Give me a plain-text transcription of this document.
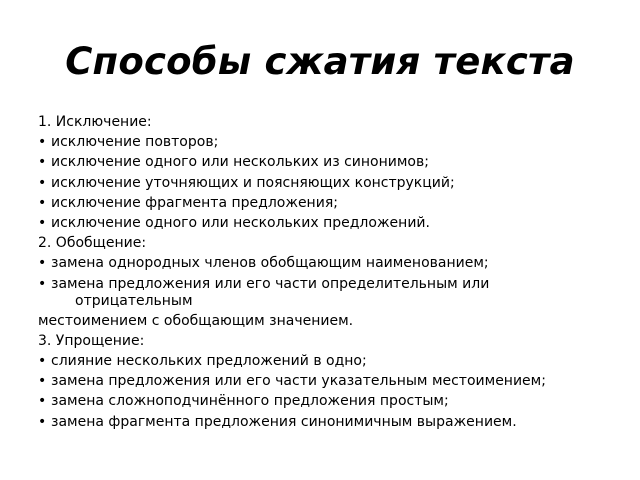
Способы сжатия текста
1. Исключение:
• исключение повторов;
• исключение одного или нескольких из синонимов;
• исключение уточняющих и поясняющих конструкций;
• исключение фрагмента предложения;
• исключение одного или нескольких предложений.
2. Обобщение:
• замена однородных членов обобщающим наименованием;
• замена предложения или его части определительным или
отрицательным
местоимением с обобщающим значением.
3. Упрощение:
• слияние нескольких предложений в одно;
• замена предложения или его части указательным местоимением;
• замена сложноподчинённого предложения простым;
• замена фрагмента предложения синонимичным выражением.
